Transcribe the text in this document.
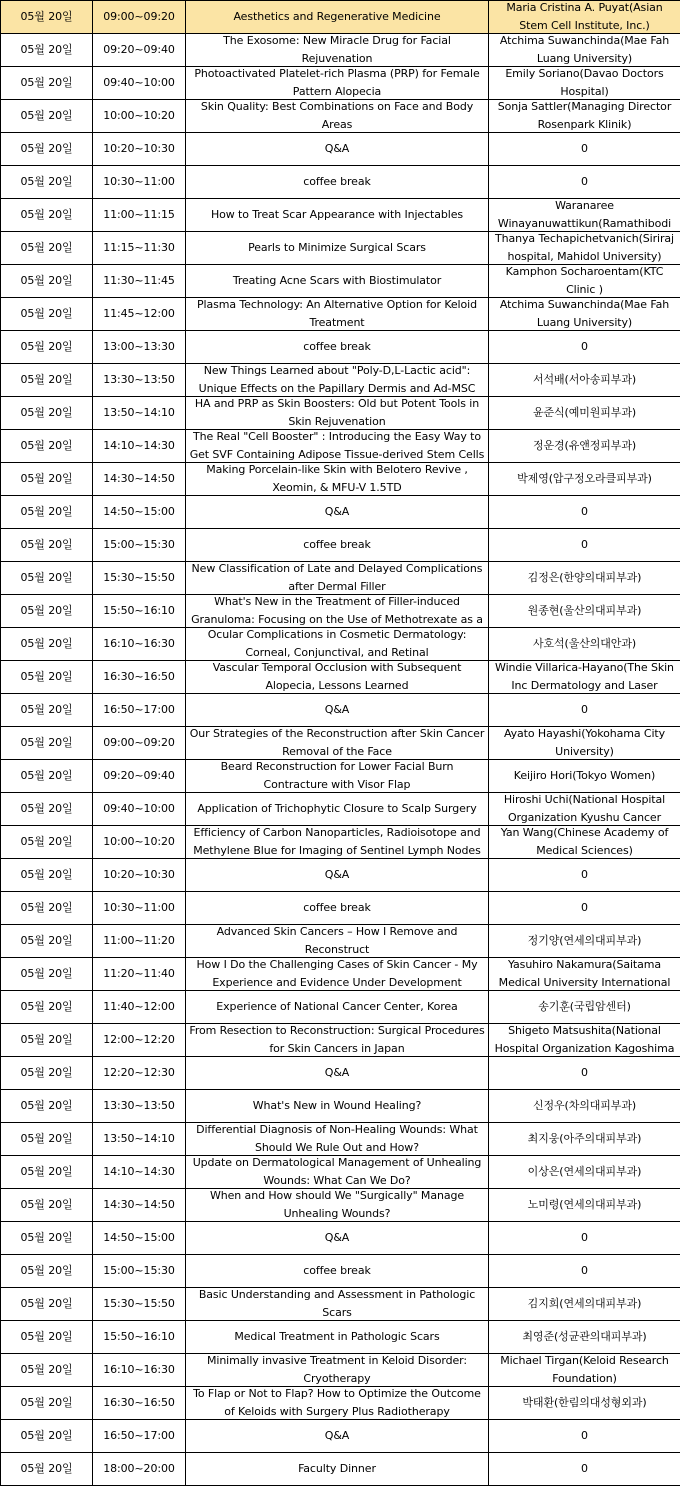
05월 20일	09:00~09:20	Aesthetics and Regenerative Medicine	Maria Cristina A. Puyat(Asian Stem Cell Institute, Inc.)

05월 20일	09:20~09:40	The Exosome: New Miracle Drug for Facial Rejuvenation	Atchima Suwanchinda(Mae Fah Luang University)

05월 20일	09:40~10:00	Photoactivated Platelet-rich Plasma (PRP) for Female Pattern Alopecia	Emily Soriano(Davao Doctors Hospital)

05월 20일	10:00~10:20	Skin Quality: Best Combinations on Face and Body Areas	Sonja Sattler(Managing Director Rosenpark Klinik)

05월 20일	10:20~10:30	Q&A	0

05월 20일	10:30~11:00	coffee break	0

05월 20일	11:00~11:15	How to Treat Scar Appearance with Injectables	Waranaree Winayanuwattikun(Ramathibodi

05월 20일	11:15~11:30	Pearls to Minimize Surgical Scars	Thanya Techapichetvanich(Siriraj hospital, Mahidol University)

05월 20일	11:30~11:45	Treating Acne Scars with Biostimulator	Kamphon Socharoentam(KTC Clinic )

05월 20일	11:45~12:00	Plasma Technology: An Alternative Option for Keloid Treatment	Atchima Suwanchinda(Mae Fah Luang University)

05월 20일	13:00~13:30	coffee break	0

05월 20일	13:30~13:50	New Things Learned about "Poly-D,L-Lactic acid": Unique Effects on the Papillary Dermis and Ad-MSC	서석배(서아송피부과)

05월 20일	13:50~14:10	HA and PRP as Skin Boosters: Old but Potent Tools in Skin Rejuvenation	윤준식(예미원피부과)

05월 20일	14:10~14:30	The Real "Cell Booster" : Introducing the Easy Way to Get SVF Containing Adipose Tissue-derived Stem Cells	정운경(유앤정피부과)

05월 20일	14:30~14:50	Making Porcelain-like Skin with Belotero Revive , Xeomin, & MFU-V 1.5TD	박제영(압구정오라클피부과)

05월 20일	14:50~15:00	Q&A	0

05월 20일	15:00~15:30	coffee break	0

05월 20일	15:30~15:50	New Classification of Late and Delayed Complications after Dermal Filler	김정은(한양의대피부과)

05월 20일	15:50~16:10	What's New in the Treatment of Filler-induced Granuloma: Focusing on the Use of Methotrexate as a	원종현(울산의대피부과)

05월 20일	16:10~16:30	Ocular Complications in Cosmetic Dermatology: Corneal, Conjunctival, and Retinal	사호석(울산의대안과)

05월 20일	16:30~16:50	Vascular Temporal Occlusion with Subsequent Alopecia, Lessons Learned	Windie Villarica-Hayano(The Skin Inc Dermatology and Laser

05월 20일	16:50~17:00	Q&A	0

05월 20일	09:00~09:20	Our Strategies of the Reconstruction after Skin Cancer Removal of the Face	Ayato Hayashi(Yokohama City University)

05월 20일	09:20~09:40	Beard Reconstruction for Lower Facial Burn Contracture with Visor Flap	Keijiro Hori(Tokyo Women)

05월 20일	09:40~10:00	Application of Trichophytic Closure to Scalp Surgery	Hiroshi Uchi(National Hospital Organization Kyushu Cancer

05월 20일	10:00~10:20	Efficiency of Carbon Nanoparticles, Radioisotope and Methylene Blue for Imaging of Sentinel Lymph Nodes	Yan Wang(Chinese Academy of Medical Sciences)

05월 20일	10:20~10:30	Q&A	0

05월 20일	10:30~11:00	coffee break	0

05월 20일	11:00~11:20	Advanced Skin Cancers – How I Remove and Reconstruct	정기양(연세의대피부과)

05월 20일	11:20~11:40	How I Do the Challenging Cases of Skin Cancer - My Experience and Evidence Under Development	Yasuhiro Nakamura(Saitama Medical University International

05월 20일	11:40~12:00	Experience of National Cancer Center, Korea	송기훈(국립암센터)

05월 20일	12:00~12:20	From Resection to Reconstruction: Surgical Procedures for Skin Cancers in Japan	Shigeto Matsushita(National Hospital Organization Kagoshima

05월 20일	12:20~12:30	Q&A	0

05월 20일	13:30~13:50	What's New in Wound Healing?	신정우(차의대피부과)

05월 20일	13:50~14:10	Differential Diagnosis of Non-Healing Wounds: What Should We Rule Out and How?	최지웅(아주의대피부과)

05월 20일	14:10~14:30	Update on Dermatological Management of Unhealing Wounds: What Can We Do?	이상은(연세의대피부과)

05월 20일	14:30~14:50	When and How should We "Surgically" Manage Unhealing Wounds?	노미령(연세의대피부과)

05월 20일	14:50~15:00	Q&A	0

05월 20일	15:00~15:30	coffee break	0

05월 20일	15:30~15:50	Basic Understanding and Assessment in Pathologic Scars	김지희(연세의대피부과)

05월 20일	15:50~16:10	Medical Treatment in Pathologic Scars	최영준(성균관의대피부과)

05월 20일	16:10~16:30	Minimally invasive Treatment in Keloid Disorder: Cryotherapy	Michael Tirgan(Keloid Research Foundation)

05월 20일	16:30~16:50	To Flap or Not to Flap? How to Optimize the Outcome of Keloids with Surgery Plus Radiotherapy	박태환(한림의대성형외과)

05월 20일	16:50~17:00	Q&A	0

05월 20일	18:00~20:00	Faculty Dinner	0
